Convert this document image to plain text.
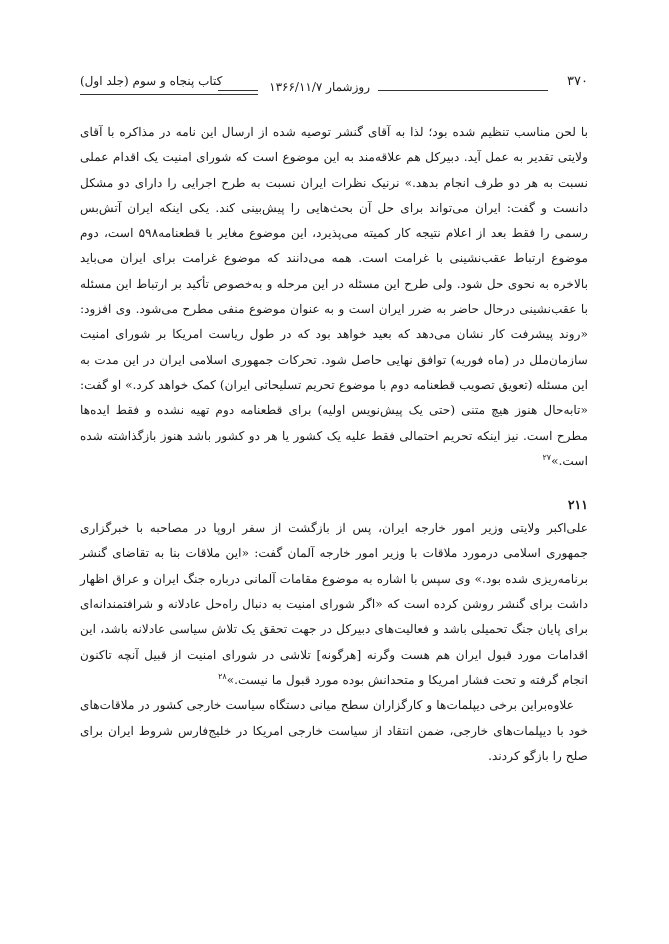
۳۷۰
روزشمار ۱۳۶۶/۱۱/۷
کتاب پنجاه و سوم (جلد اول)

با لحن مناسب تنظیم شده بود؛ لذا به آقای گنشر توصیه شده از ارسال این نامه در مذاکره با آقای ولایتی تقدیر به عمل آید. دبیرکل هم علاقه‌مند به این موضوع است که شورای امنیت یک اقدام عملی نسبت به هر دو طرف انجام بدهد.» نرنیک نظرات ایران نسبت به طرح اجرایی را دارای دو مشکل دانست و گفت: ایران می‌تواند برای حل آن بحث‌هایی را پیش‌بینی کند. یکی اینکه ایران آتش‌بس رسمی را فقط بعد از اعلام نتیجه کار کمیته می‌پذیرد، این موضوع مغایر با قطعنامه۵۹۸ است، دوم موضوع ارتباط عقب‌نشینی با غرامت است. همه می‌دانند که موضوع غرامت برای ایران می‌باید بالاخره به نحوی حل شود. ولی طرح این مسئله در این مرحله و به‌خصوص تأکید بر ارتباط این مسئله با عقب‌نشینی درحال حاضر به ضرر ایران است و به عنوان موضوع منفی مطرح می‌شود. وی افزود: «روند پیشرفت کار نشان می‌دهد که بعید خواهد بود که در طول ریاست امریکا بر شورای امنیت سازمان‌ملل در (ماه فوریه) توافق نهایی حاصل شود. تحرکات جمهوری اسلامی ایران در این مدت به این مسئله (تعویق تصویب قطعنامه دوم با موضوع تحریم تسلیحاتی ایران) کمک خواهد کرد.» او گفت: «تابه‌حال هنوز هیچ متنی (حتی یک پیش‌نویس اولیه) برای قطعنامه دوم تهیه نشده و فقط ایده‌ها مطرح است. نیز اینکه تحریم احتمالی فقط علیه یک کشور یا هر دو کشور باشد هنوز بازگذاشته شده است.»$^{۲۷}$

۲۱۱

علی‌اکبر ولایتی وزیر امور خارجه ایران، پس از بازگشت از سفر اروپا در مصاحبه با خبرگزاری جمهوری اسلامی درمورد ملاقات با وزیر امور خارجه آلمان گفت: «این ملاقات بنا به تقاضای گنشر برنامه‌ریزی شده بود.» وی سپس با اشاره به موضوع مقامات آلمانی درباره جنگ ایران و عراق اظهار داشت برای گنشر روشن کرده است که «اگر شورای امنیت به دنبال راه‌حل عادلانه و شرافتمندانه‌ای برای پایان جنگ تحمیلی باشد و فعالیت‌های دبیرکل در جهت تحقق یک تلاش سیاسی عادلانه باشد، این اقدامات مورد قبول ایران هم هست وگرنه [هرگونه] تلاشی در شورای امنیت از قبیل آنچه تاکنون انجام گرفته و تحت فشار امریکا و متحدانش بوده مورد قبول ما نیست.»$^{۲۸}$

علاوه‌براین برخی دیپلمات‌ها و کارگزاران سطح میانی دستگاه سیاست خارجی کشور در ملاقات‌های خود با دیپلمات‌های خارجی، ضمن انتقاد از سیاست خارجی امریکا در خلیج‌فارس شروط ایران برای صلح را بازگو کردند.
